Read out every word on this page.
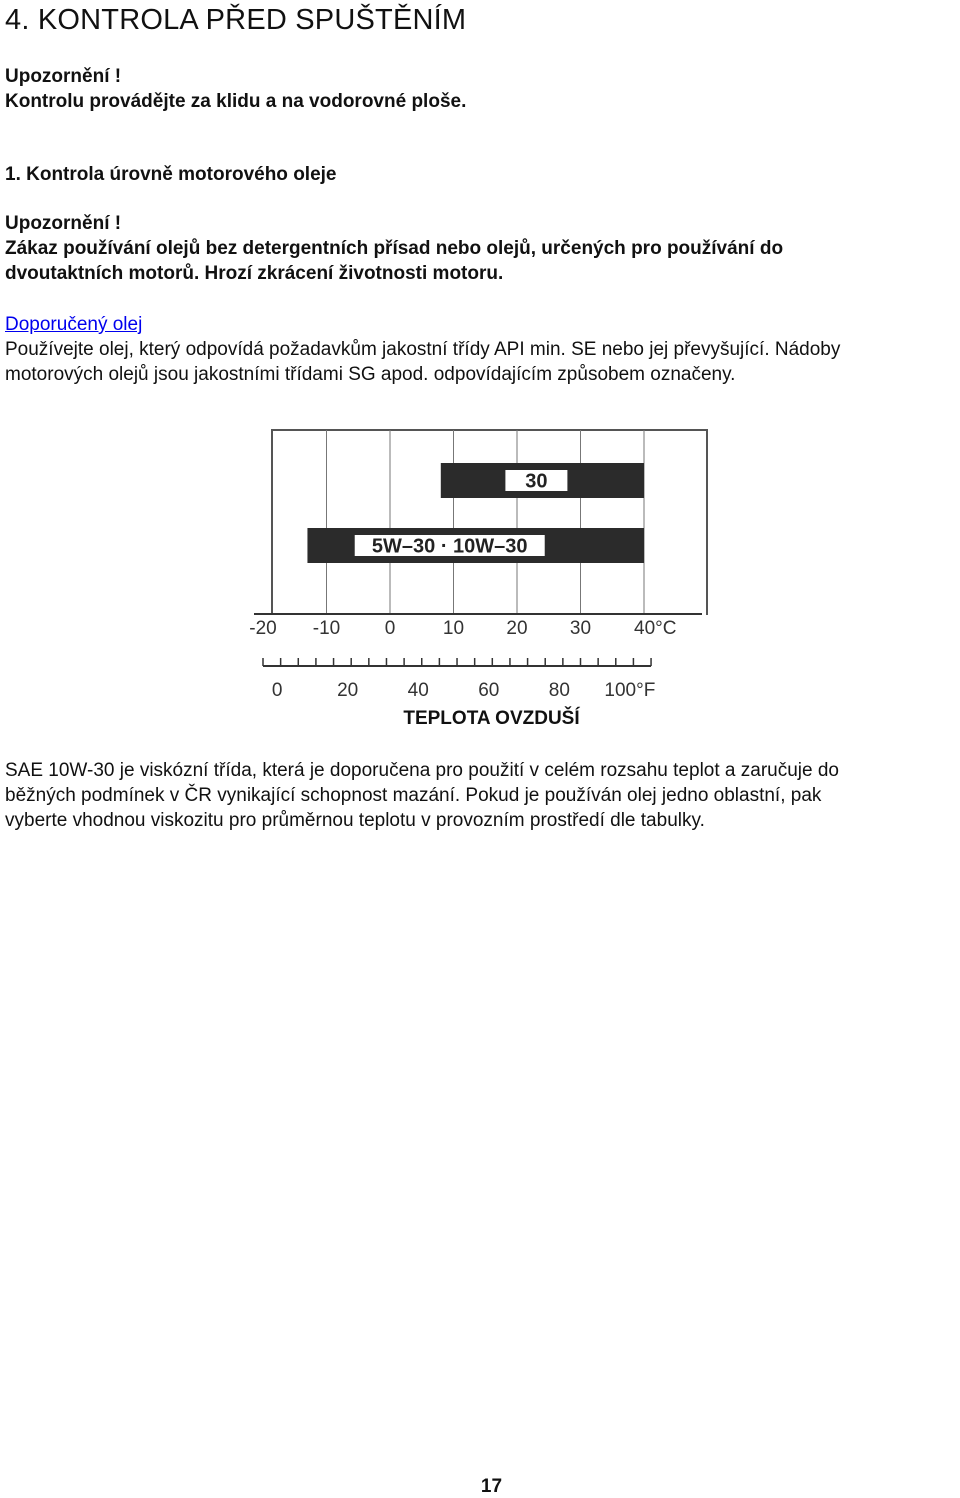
4. KONTROLA PŘED SPUŠTĚNÍM
Upozornění !
Kontrolu provádějte za klidu a na vodorovné ploše.
1. Kontrola úrovně motorového oleje
Upozornění !
Zákaz používání olejů bez detergentních přísad nebo olejů, určených pro používání do
dvoutaktních motorů. Hrozí zkrácení životnosti motoru.
Doporučený olej
Používejte olej, který odpovídá požadavkům jakostní třídy API min. SE nebo jej převyšující. Nádoby
motorových olejů jsou jakostními třídami SG apod. odpovídajícím způsobem označeny.
30
5W–30 · 10W–30
-20 -10 0	10 20 30 40°C
0	20	40	60	80 100°F
TEPLOTA OVZDUŠÍ
SAE 10W-30 je viskózní třída, která je doporučena pro použití v celém rozsahu teplot a zaručuje do
běžných podmínek v ČR vynikající schopnost mazání. Pokud je používán olej jedno oblastní, pak
vyberte vhodnou viskozitu pro průměrnou teplotu v provozním prostředí dle tabulky.
17
